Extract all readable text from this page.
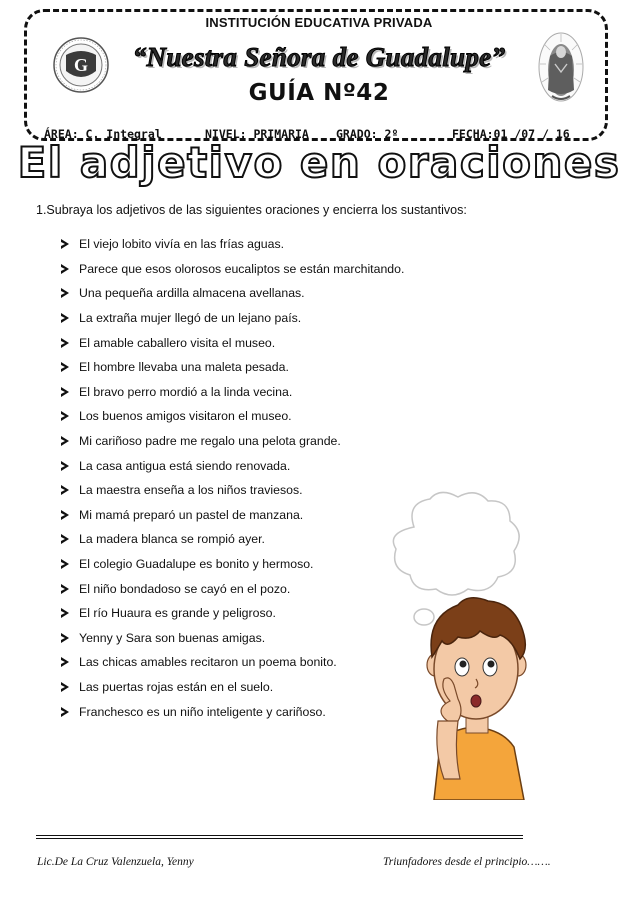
G
INSTITUCIÓN EDUCATIVA PRIVADA
“Nuestra Señora de Guadalupe”
GUÍA Nº42
ÁREA: C. Integral	NIVEL: PRIMARIA GRADO: 2º	FECHA:01 /07 / 16
El adjetivo en oraciones
1.Subraya los adjetivos de las siguientes oraciones y encierra los sustantivos:
El viejo lobito vivía en las frías aguas.
Parece que esos olorosos eucaliptos se están marchitando.
Una pequeña ardilla almacena avellanas.
La extraña mujer llegó de un lejano país.
El amable caballero visita el museo.
El hombre llevaba una maleta pesada.
El bravo perro mordió a la linda vecina.
Los buenos amigos visitaron el museo.
Mi cariñoso padre me regalo una pelota grande.
La casa antigua está siendo renovada.
La maestra enseña a los niños traviesos.
Mi mamá preparó un pastel de manzana.
La madera blanca se rompió ayer.
El colegio Guadalupe es bonito y hermoso.
El niño bondadoso se cayó en el pozo.
El río Huaura es grande y peligroso.
Yenny y Sara son buenas amigas.
Las chicas amables recitaron un poema bonito.
Las puertas rojas están en el suelo.
Franchesco es un niño inteligente y cariñoso.
Lic.De La Cruz Valenzuela, Yenny	Triunfadores desde el principio…….
